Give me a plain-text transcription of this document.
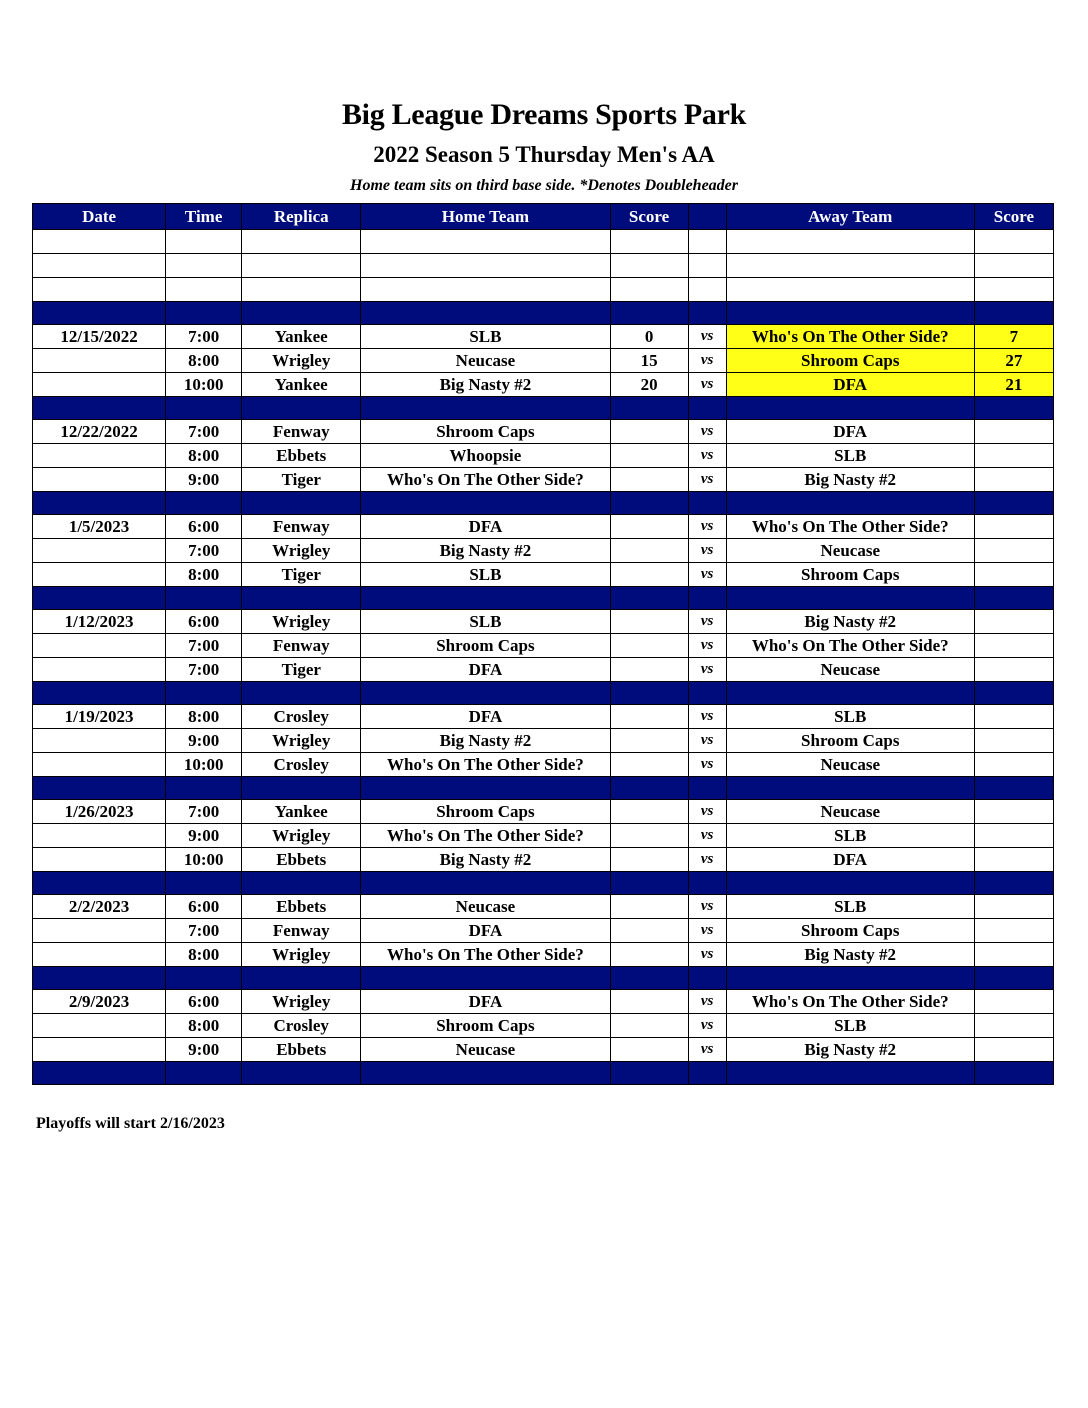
Big League Dreams Sports Park
2022 Season 5 Thursday Men's AA
Home team sits on third base side. *Denotes Doubleheader
Date	Time	Replica	Home Team	Score		Away Team	Score

12/15/2022	7:00	Yankee	SLB	0	vs	Who's On The Other Side?	7
	8:00	Wrigley	Neucase	15	vs	Shroom Caps	27
	10:00	Yankee	Big Nasty #2	20	vs	DFA	21

12/22/2022	7:00	Fenway	Shroom Caps		vs	DFA	
	8:00	Ebbets	Whoopsie		vs	SLB	
	9:00	Tiger	Who's On The Other Side?		vs	Big Nasty #2	

1/5/2023	6:00	Fenway	DFA		vs	Who's On The Other Side?	
	7:00	Wrigley	Big Nasty #2		vs	Neucase	
	8:00	Tiger	SLB		vs	Shroom Caps	

1/12/2023	6:00	Wrigley	SLB		vs	Big Nasty #2	
	7:00	Fenway	Shroom Caps		vs	Who's On The Other Side?	
	7:00	Tiger	DFA		vs	Neucase	

1/19/2023	8:00	Crosley	DFA		vs	SLB	
	9:00	Wrigley	Big Nasty #2		vs	Shroom Caps	
	10:00	Crosley	Who's On The Other Side?		vs	Neucase	

1/26/2023	7:00	Yankee	Shroom Caps		vs	Neucase	
	9:00	Wrigley	Who's On The Other Side?		vs	SLB	
	10:00	Ebbets	Big Nasty #2		vs	DFA	

2/2/2023	6:00	Ebbets	Neucase		vs	SLB	
	7:00	Fenway	DFA		vs	Shroom Caps	
	8:00	Wrigley	Who's On The Other Side?		vs	Big Nasty #2	

2/9/2023	6:00	Wrigley	DFA		vs	Who's On The Other Side?	
	8:00	Crosley	Shroom Caps		vs	SLB	
	9:00	Ebbets	Neucase		vs	Big Nasty #2	

Playoffs will start 2/16/2023
